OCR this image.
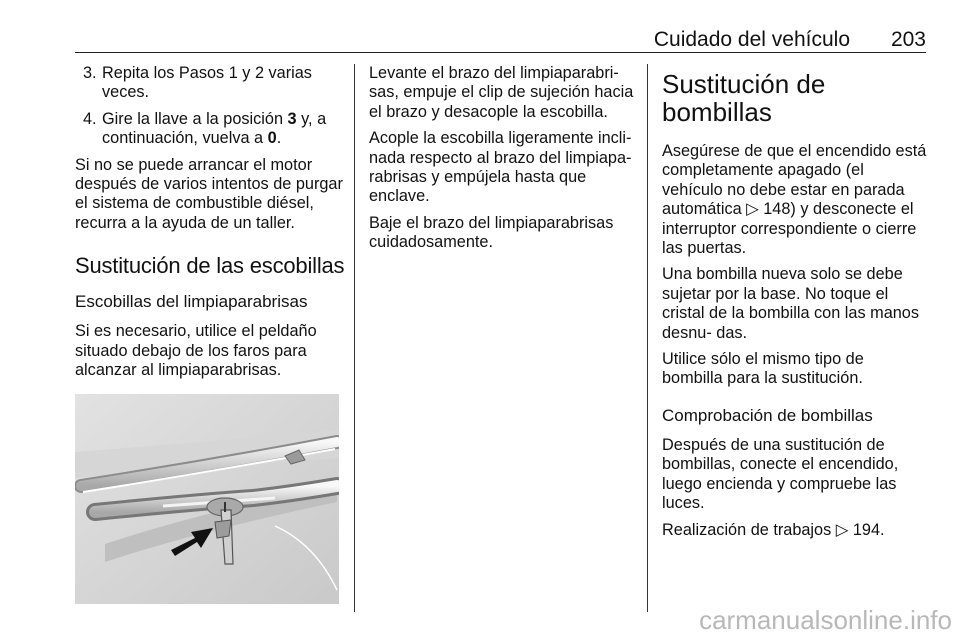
Cuidado del vehículo 203
3. Repita los Pasos 1 y 2 varias veces.
4. Gire la llave a la posición 3 y, a continuación, vuelva a 0.

Si no se puede arrancar el motor después de varios intentos de purgar el sistema de combustible diésel, recurra a la ayuda de un taller.

Sustitución de las escobillas
Escobillas del limpiaparabrisas

Si es necesario, utilice el peldaño situado debajo de los faros para alcanzar al limpiaparabrisas.

Levante el brazo del limpiaparabri- sas, empuje el clip de sujeción hacia el brazo y desacople la escobilla.

Acople la escobilla ligeramente incli- nada respecto al brazo del limpiapa- rabrisas y empújela hasta que enclave.

Baje el brazo del limpiaparabrisas cuidadosamente.

Sustitución de bombillas

Asegúrese de que el encendido está completamente apagado (el vehículo no debe estar en parada automática ▷ 148) y desconecte el interruptor correspondiente o cierre las puertas.

Una bombilla nueva solo se debe sujetar por la base. No toque el cristal de la bombilla con las manos desnu- das.

Utilice sólo el mismo tipo de bombilla para la sustitución.

Comprobación de bombillas

Después de una sustitución de bombillas, conecte el encendido, luego encienda y compruebe las luces.

Realización de trabajos ▷ 194.

carmanualsonline.info
